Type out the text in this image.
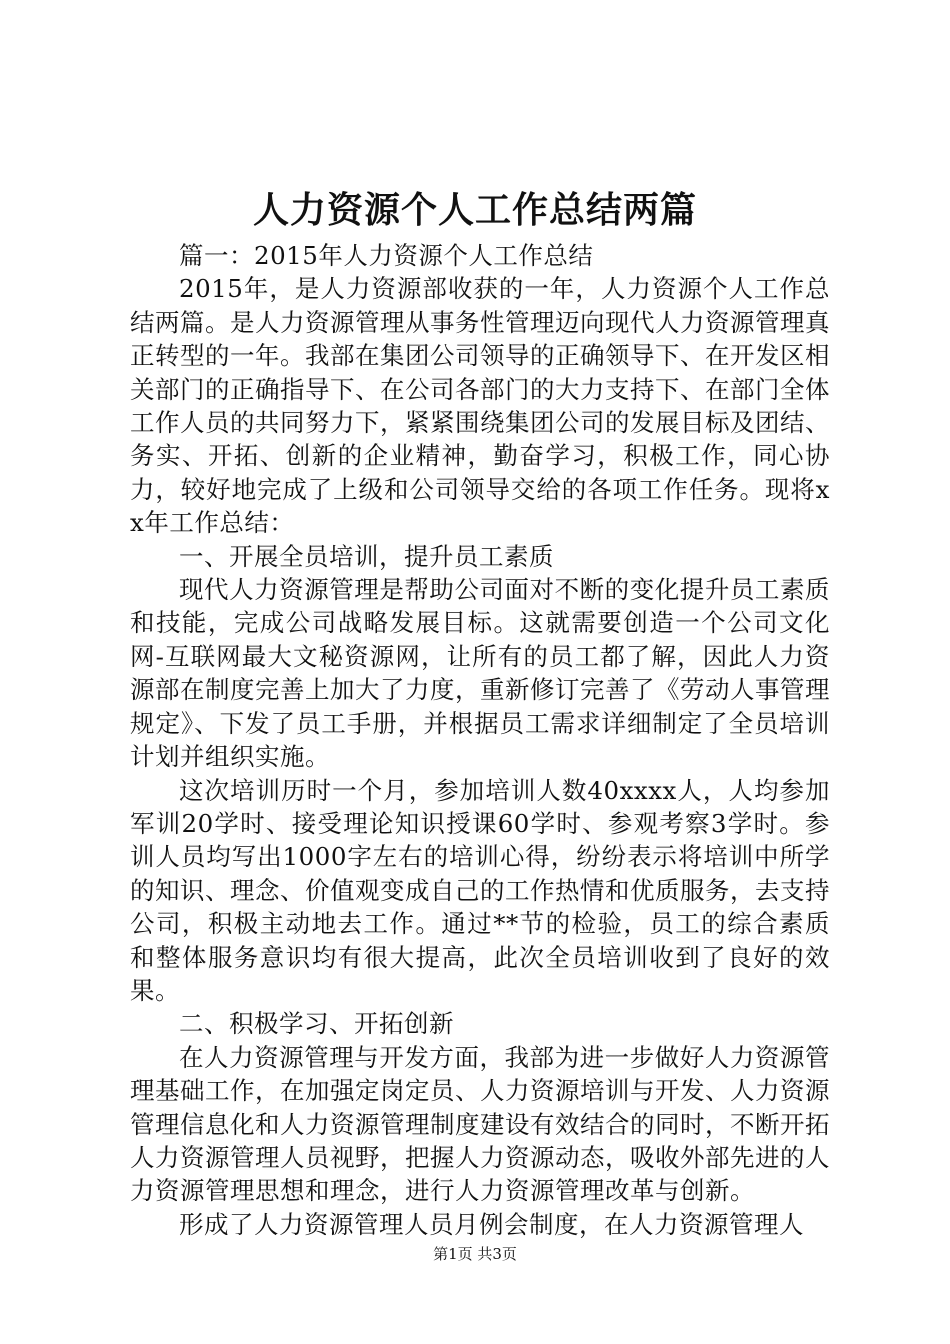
人力资源个人工作总结两篇

篇一：2015年人力资源个人工作总结

2015年，是人力资源部收获的一年，人力资源个人工作总结两篇。是人力资源管理从事务性管理迈向现代人力资源管理真正转型的一年。我部在集团公司领导的正确领导下、在开发区相关部门的正确指导下、在公司各部门的大力支持下、在部门全体工作人员的共同努力下，紧紧围绕集团公司的发展目标及团结、务实、开拓、创新的企业精神，勤奋学习，积极工作，同心协力，较好地完成了上级和公司领导交给的各项工作任务。现将xx年工作总结：

一、开展全员培训，提升员工素质

现代人力资源管理是帮助公司面对不断的变化提升员工素质和技能，完成公司战略发展目标。这就需要创造一个公司文化网-互联网最大文秘资源网，让所有的员工都了解，因此人力资源部在制度完善上加大了力度，重新修订完善了《劳动人事管理规定》、下发了员工手册，并根据员工需求详细制定了全员培训计划并组织实施。

这次培训历时一个月，参加培训人数40xxxx人，人均参加军训20学时、接受理论知识授课60学时、参观考察3学时。参训人员均写出1000字左右的培训心得，纷纷表示将培训中所学的知识、理念、价值观变成自己的工作热情和优质服务，去支持公司，积极主动地去工作。通过**节的检验，员工的综合素质和整体服务意识均有很大提高，此次全员培训收到了良好的效果。

二、积极学习、开拓创新

在人力资源管理与开发方面，我部为进一步做好人力资源管理基础工作，在加强定岗定员、人力资源培训与开发、人力资源管理信息化和人力资源管理制度建设有效结合的同时，不断开拓人力资源管理人员视野，把握人力资源动态，吸收外部先进的人力资源管理思想和理念，进行人力资源管理改革与创新。

形成了人力资源管理人员月例会制度，在人力资源管理人

第1页 共3页
